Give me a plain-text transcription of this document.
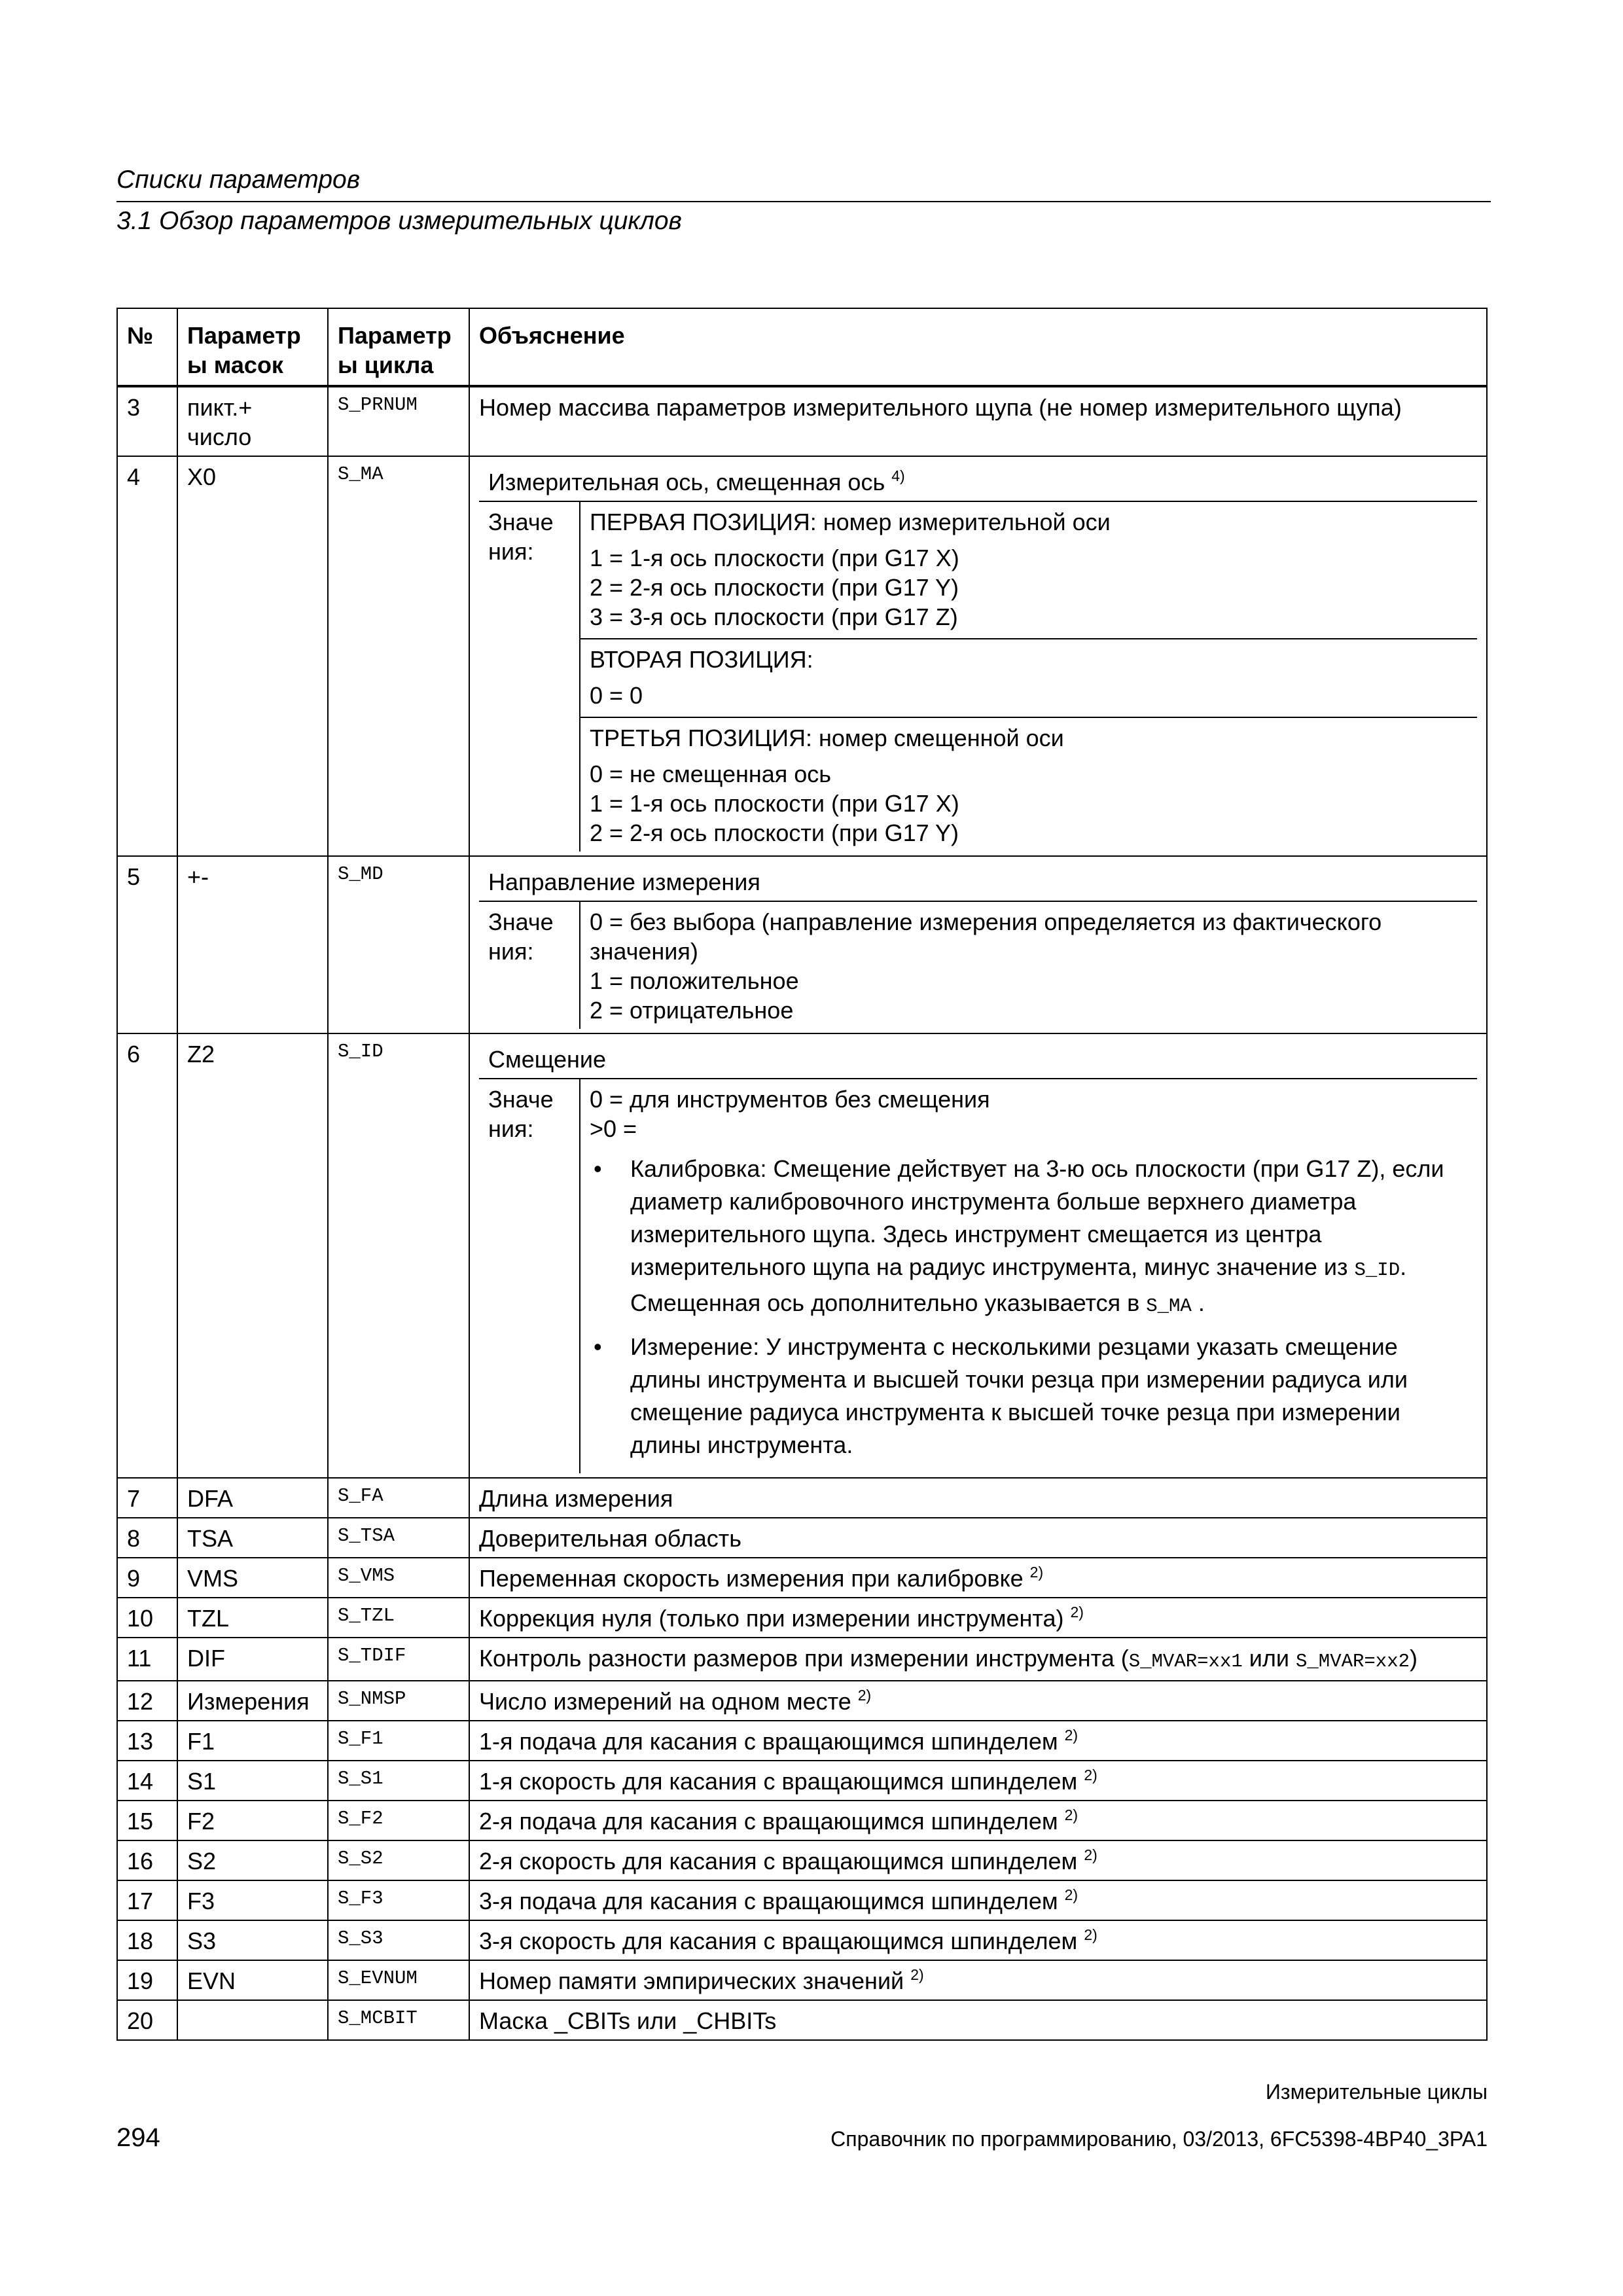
Списки параметров
3.1 Обзор параметров измерительных циклов
№	Параметр ы масок	Параметр ы цикла	Объяснение
3	пикт.+ число	S_PRNUM	Номер массива параметров измерительного щупа (не номер измерительного щупа)
4	X0	S_MA	Измерительная ось, смещенная ось $^{4)}$
Значе ния:	
ПЕРВАЯ ПОЗИЦИЯ: номер измерительной оси
1 = 1-я ось плоскости (при G17 X)
2 = 2-я ось плоскости (при G17 Y)
3 = 3-я ось плоскости (при G17 Z)
ВТОРАЯ ПОЗИЦИЯ:
0 = 0
ТРЕТЬЯ ПОЗИЦИЯ: номер смещенной оси
0 = не смещенная ось
1 = 1-я ось плоскости (при G17 X)
2 = 2-я ось плоскости (при G17 Y)

5	+-	S_MD	Направление измерения
Значе ния:	
0 = без выбора (направление измерения определяется из фактического значения)
1 = положительное
2 = отрицательное

6	Z2	S_ID	Смещение
Значе ния:	
0 = для инструментов без смещения
>0 =
• Калибровка: Смещение действует на 3-ю ось плоскости (при G17 Z), если диаметр калибровочного инструмента больше верхнего диаметра измерительного щупа. Здесь инструмент смещается из центра измерительного щупа на радиус инструмента, минус значение из S_ID. Смещенная ось дополнительно указывается в S_MA .
• Измерение: У инструмента с несколькими резцами указать смещение длины инструмента и высшей точки резца при измерении радиуса или смещение радиуса инструмента к высшей точке резца при измерении длины инструмента.

7	DFA	S_FA	Длина измерения
8	TSA	S_TSA	Доверительная область
9	VMS	S_VMS	Переменная скорость измерения при калибровке $^{2)}$
10	TZL	S_TZL	Коррекция нуля (только при измерении инструмента) $^{2)}$
11	DIF	S_TDIF	Контроль разности размеров при измерении инструмента (S_MVAR=xx1 или S_MVAR=xx2)
12	Измерения	S_NMSP	Число измерений на одном месте $^{2)}$
13	F1	S_F1	1-я подача для касания с вращающимся шпинделем $^{2)}$
14	S1	S_S1	1-я скорость для касания с вращающимся шпинделем $^{2)}$
15	F2	S_F2	2-я подача для касания с вращающимся шпинделем $^{2)}$
16	S2	S_S2	2-я скорость для касания с вращающимся шпинделем $^{2)}$
17	F3	S_F3	3-я подача для касания с вращающимся шпинделем $^{2)}$
18	S3	S_S3	3-я скорость для касания с вращающимся шпинделем $^{2)}$
19	EVN	S_EVNUM	Номер памяти эмпирических значений $^{2)}$
20		S_MCBIT	Маска _CBITs или _CHBITs
Измерительные циклы
294	Справочник по программированию, 03/2013, 6FC5398-4BP40_3PA1
